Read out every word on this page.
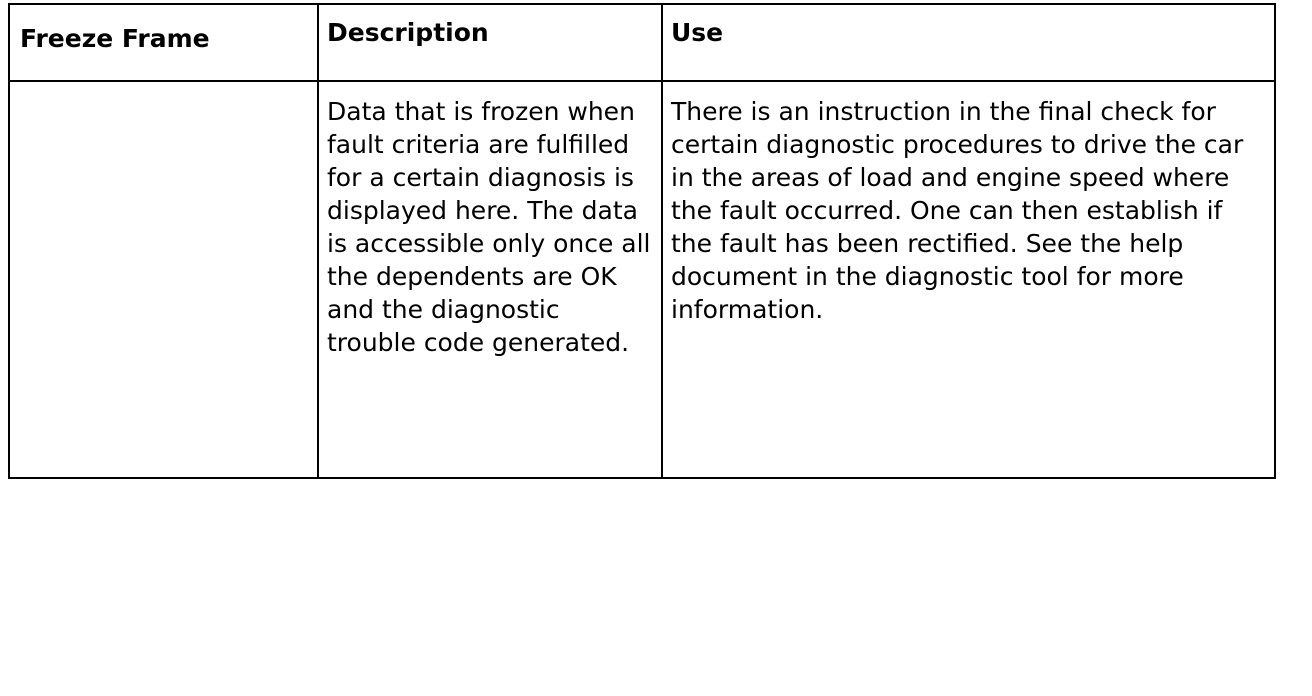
Freeze Frame	Description	Use

	Data that is frozen when fault criteria are fulfilled for a certain diagnosis is displayed here. The data is accessible only once all the dependents are OK and the diagnostic trouble code generated.	There is an instruction in the final check for certain diagnostic procedures to drive the car in the areas of load and engine speed where the fault occurred. One can then establish if the fault has been rectified. See the help document in the diagnostic tool for more information.
